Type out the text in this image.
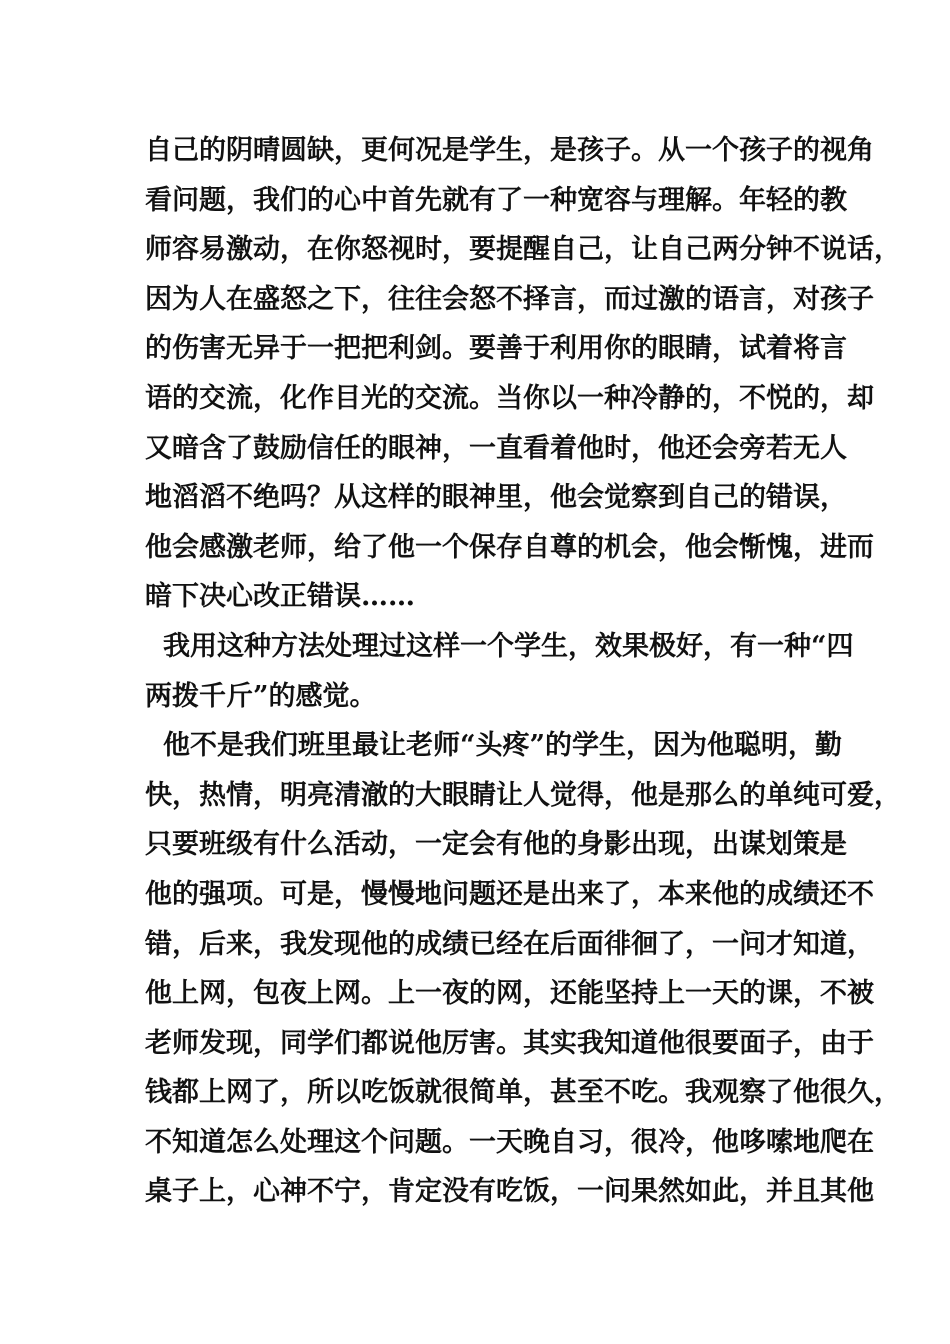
自己的阴晴圆缺，更何况是学生，是孩子。从一个孩子的视角
看问题，我们的心中首先就有了一种宽容与理解。年轻的教
师容易激动，在你怒视时，要提醒自己，让自己两分钟不说话，
因为人在盛怒之下，往往会怒不择言，而过激的语言，对孩子
的伤害无异于一把把利剑。要善于利用你的眼睛，试着将言
语的交流，化作目光的交流。当你以一种冷静的，不悦的，却
又暗含了鼓励信任的眼神，一直看着他时，他还会旁若无人
地滔滔不绝吗？从这样的眼神里，他会觉察到自己的错误，
他会感激老师，给了他一个保存自尊的机会，他会惭愧，进而
暗下决心改正错误……
我用这种方法处理过这样一个学生，效果极好，有一种“四
两拨千斤”的感觉。
他不是我们班里最让老师“头疼”的学生，因为他聪明，勤
快，热情，明亮清澈的大眼睛让人觉得，他是那么的单纯可爱，
只要班级有什么活动，一定会有他的身影出现，出谋划策是
他的强项。可是，慢慢地问题还是出来了，本来他的成绩还不
错，后来，我发现他的成绩已经在后面徘徊了，一问才知道，
他上网，包夜上网。上一夜的网，还能坚持上一天的课，不被
老师发现，同学们都说他厉害。其实我知道他很要面子，由于
钱都上网了，所以吃饭就很简单，甚至不吃。我观察了他很久，
不知道怎么处理这个问题。一天晚自习，很冷，他哆嗦地爬在
桌子上，心神不宁，肯定没有吃饭，一问果然如此，并且其他
